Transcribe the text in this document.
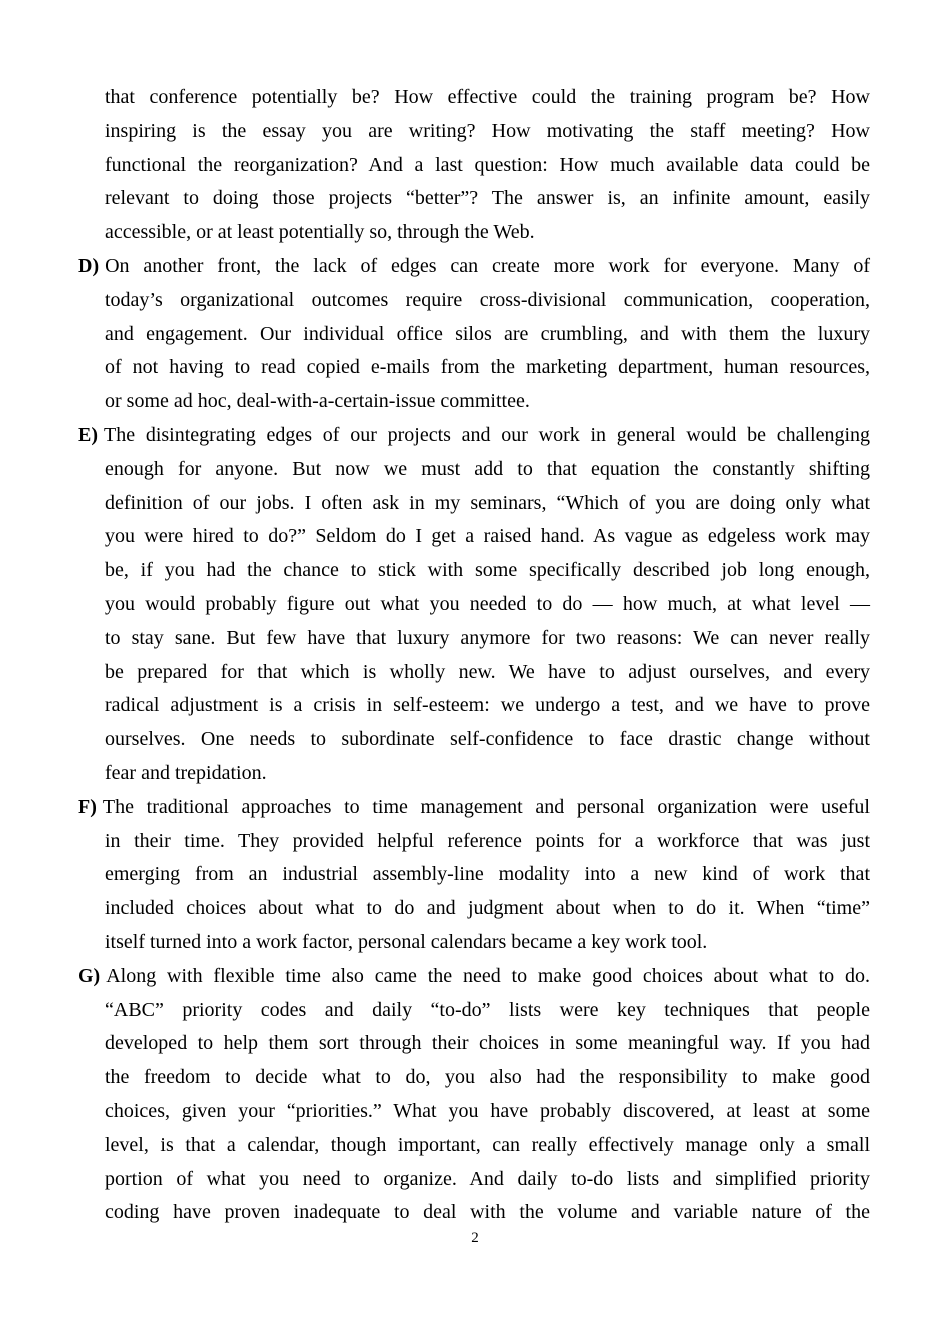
that conference potentially be? How effective could the training program be? How
inspiring is the essay you are writing? How motivating the staff meeting? How
functional the reorganization? And a last question: How much available data could be
relevant to doing those projects “better”? The answer is, an infinite amount, easily
accessible, or at least potentially so, through the Web.
D) On another front, the lack of edges can create more work for everyone. Many of
today’s organizational outcomes require cross-divisional communication, cooperation,
and engagement. Our individual office silos are crumbling, and with them the luxury
of not having to read copied e-mails from the marketing department, human resources,
or some ad hoc, deal-with-a-certain-issue committee.
E) The disintegrating edges of our projects and our work in general would be challenging
enough for anyone. But now we must add to that equation the constantly shifting
definition of our jobs. I often ask in my seminars, “Which of you are doing only what
you were hired to do?” Seldom do I get a raised hand. As vague as edgeless work may
be, if you had the chance to stick with some specifically described job long enough,
you would probably figure out what you needed to do — how much, at what level —
to stay sane. But few have that luxury anymore for two reasons: We can never really
be prepared for that which is wholly new. We have to adjust ourselves, and every
radical adjustment is a crisis in self-esteem: we undergo a test, and we have to prove
ourselves. One needs to subordinate self-confidence to face drastic change without
fear and trepidation.
F) The traditional approaches to time management and personal organization were useful
in their time. They provided helpful reference points for a workforce that was just
emerging from an industrial assembly-line modality into a new kind of work that
included choices about what to do and judgment about when to do it. When “time”
itself turned into a work factor, personal calendars became a key work tool.
G) Along with flexible time also came the need to make good choices about what to do.
“ABC” priority codes and daily “to-do” lists were key techniques that people
developed to help them sort through their choices in some meaningful way. If you had
the freedom to decide what to do, you also had the responsibility to make good
choices, given your “priorities.” What you have probably discovered, at least at some
level, is that a calendar, though important, can really effectively manage only a small
portion of what you need to organize. And daily to-do lists and simplified priority
coding have proven inadequate to deal with the volume and variable nature of the
2
